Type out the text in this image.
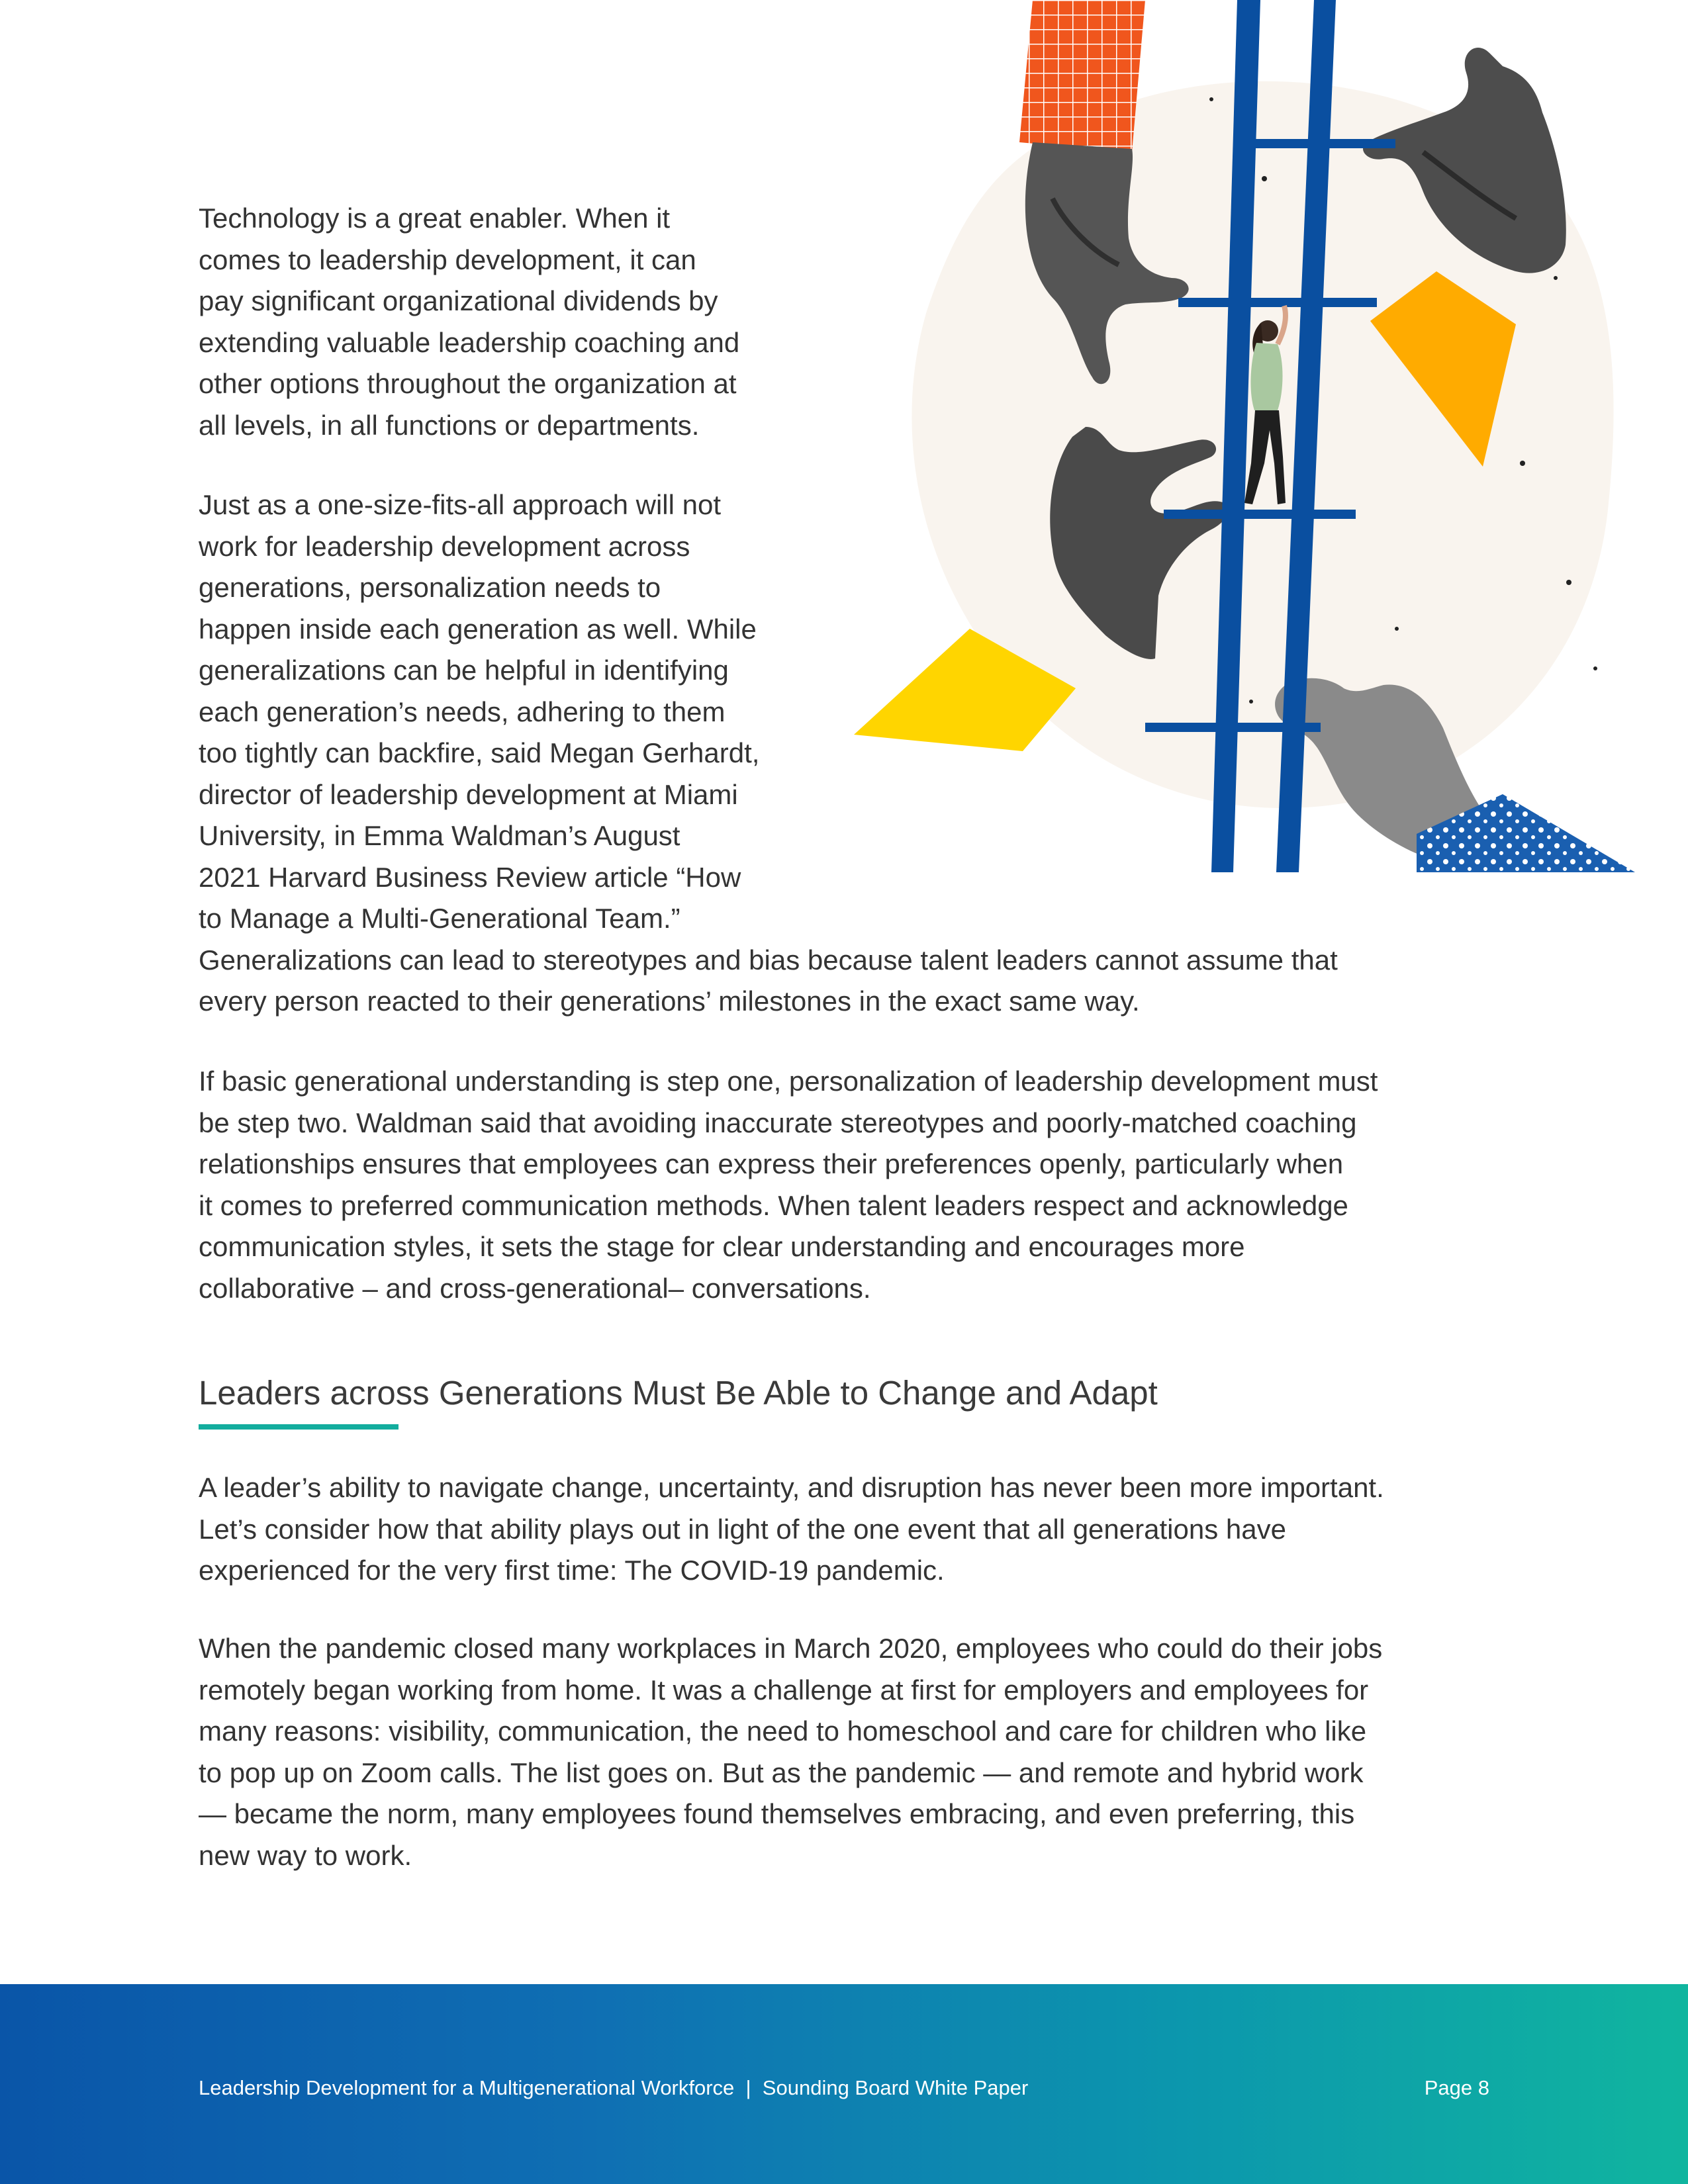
Technology is a great enabler. When it
comes to leadership development, it can
pay significant organizational dividends by
extending valuable leadership coaching and
other options throughout the organization at
all levels, in all functions or departments.

Just as a one-size-fits-all approach will not
work for leadership development across
generations, personalization needs to
happen inside each generation as well. While
generalizations can be helpful in identifying
each generation’s needs, adhering to them
too tightly can backfire, said Megan Gerhardt,
director of leadership development at Miami
University, in Emma Waldman’s August
2021 Harvard Business Review article “How
to Manage a Multi-Generational Team.”
Generalizations can lead to stereotypes and bias because talent leaders cannot assume that
every person reacted to their generations’ milestones in the exact same way.

If basic generational understanding is step one, personalization of leadership development must
be step two. Waldman said that avoiding inaccurate stereotypes and poorly-matched coaching
relationships ensures that employees can express their preferences openly, particularly when
it comes to preferred communication methods. When talent leaders respect and acknowledge
communication styles, it sets the stage for clear understanding and encourages more
collaborative – and cross-generational– conversations.

Leaders across Generations Must Be Able to Change and Adapt

A leader’s ability to navigate change, uncertainty, and disruption has never been more important.
Let’s consider how that ability plays out in light of the one event that all generations have
experienced for the very first time: The COVID-19 pandemic.

When the pandemic closed many workplaces in March 2020, employees who could do their jobs
remotely began working from home. It was a challenge at first for employers and employees for
many reasons: visibility, communication, the need to homeschool and care for children who like
to pop up on Zoom calls. The list goes on. But as the pandemic — and remote and hybrid work
— became the norm, many employees found themselves embracing, and even preferring, this
new way to work.

Leadership Development for a Multigenerational Workforce  |  Sounding Board White Paper	Page 8
